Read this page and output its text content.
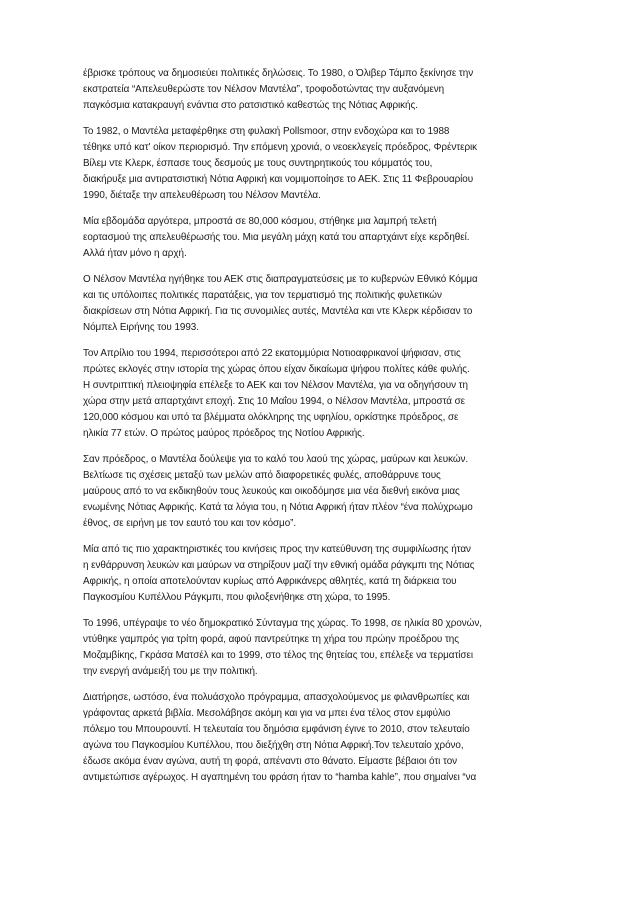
έβρισκε τρόπους να δημοσιεύει πολιτικές δηλώσεις. Το 1980, ο Όλιβερ Τάμπο ξεκίνησε την
εκστρατεία “Απελευθερώστε τον Νέλσον Μαντέλα”, τροφοδοτώντας την αυξανόμενη
παγκόσμια κατακραυγή ενάντια στο ρατσιστικό καθεστώς της Νότιας Αφρικής.

Το 1982, ο Μαντέλα μεταφέρθηκε στη φυλακή Pollsmoor, στην ενδοχώρα και το 1988
τέθηκε υπό κατ' οίκον περιορισμό. Την επόμενη χρονιά, ο νεοεκλεγείς πρόεδρος, Φρέντερικ
Βίλεμ ντε Κλερκ, έσπασε τους δεσμούς με τους συντηρητικούς του κόμματός του,
διακήρυξε μια αντιρατσιστική Νότια Αφρική και νομιμοποίησε το ΑΕΚ. Στις 11 Φεβρουαρίου
1990, διέταξε την απελευθέρωση του Νέλσον Μαντέλα.

Μία εβδομάδα αργότερα, μπροστά σε 80,000 κόσμου, στήθηκε μια λαμπρή τελετή
εορτασμού της απελευθέρωσής του. Μια μεγάλη μάχη κατά του απαρτχάιντ είχε κερδηθεί.
Αλλά ήταν μόνο η αρχή.

Ο Νέλσον Μαντέλα ηγήθηκε του ΑΕΚ στις διαπραγματεύσεις με το κυβερνών Εθνικό Κόμμα
και τις υπόλοιπες πολιτικές παρατάξεις, για τον τερματισμό της πολιτικής φυλετικών
διακρίσεων στη Νότια Αφρική. Για τις συνομιλίες αυτές, Μαντέλα και ντε Κλερκ κέρδισαν το
Νόμπελ Ειρήνης του 1993.

Τον Απρίλιο του 1994, περισσότεροι από 22 εκατομμύρια Νοτιοαφρικανοί ψήφισαν, στις
πρώτες εκλογές στην ιστορία της χώρας όπου είχαν δικαίωμα ψήφου πολίτες κάθε φυλής.
Η συντριπτική πλειοψηφία επέλεξε το ΑΕΚ και τον Νέλσον Μαντέλα, για να οδηγήσουν τη
χώρα στην μετά απαρτχάιντ εποχή. Στις 10 Μαΐου 1994, ο Νέλσον Μαντέλα, μπροστά σε
120,000 κόσμου και υπό τα βλέμματα ολόκληρης της υφηλίου, ορκίστηκε πρόεδρος, σε
ηλικία 77 ετών. Ο πρώτος μαύρος πρόεδρος της Νοτίου Αφρικής.

Σαν πρόεδρος, ο Μαντέλα δούλεψε για το καλό του λαού της χώρας, μαύρων και λευκών.
Βελτίωσε τις σχέσεις μεταξύ των μελών από διαφορετικές φυλές, αποθάρρυνε τους
μαύρους από το να εκδικηθούν τους λευκούς και οικοδόμησε μια νέα διεθνή εικόνα μιας
ενωμένης Νότιας Αφρικής. Κατά τα λόγια του, η Νότια Αφρική ήταν πλέον “ένα πολύχρωμο
έθνος, σε ειρήνη με τον εαυτό του και τον κόσμο”.

Μία από τις πιο χαρακτηριστικές του κινήσεις προς την κατεύθυνση της συμφιλίωσης ήταν
η ενθάρρυνση λευκών και μαύρων να στηρίξουν μαζί την εθνική ομάδα ράγκμπι της Νότιας
Αφρικής, η οποία αποτελούνταν κυρίως από Αφρικάνερς αθλητές, κατά τη διάρκεια του
Παγκοσμίου Κυπέλλου Ράγκμπι, που φιλοξενήθηκε στη χώρα, το 1995.

Το 1996, υπέγραψε το νέο δημοκρατικό Σύνταγμα της χώρας. Το 1998, σε ηλικία 80 χρονών,
ντύθηκε γαμπρός για τρίτη φορά, αφού παντρεύτηκε τη χήρα του πρώην προέδρου της
Μοζαμβίκης, Γκράσα Ματσέλ και το 1999, στο τέλος της θητείας του, επέλεξε να τερματίσει
την ενεργή ανάμειξή του με την πολιτική.

Διατήρησε, ωστόσο, ένα πολυάσχολο πρόγραμμα, απασχολούμενος με φιλανθρωπίες και
γράφοντας αρκετά βιβλία. Μεσολάβησε ακόμη και για να μπει ένα τέλος στον εμφύλιο
πόλεμο του Μπουρουντί. Η τελευταία του δημόσια εμφάνιση έγινε το 2010, στον τελευταίο
αγώνα του Παγκοσμίου Κυπέλλου, που διεξήχθη στη Νότια Αφρική.Τον τελευταίο χρόνο,
έδωσε ακόμα έναν αγώνα, αυτή τη φορά, απέναντι στο θάνατο. Είμαστε βέβαιοι ότι τον
αντιμετώπισε αγέρωχος. Η αγαπημένη του φράση ήταν το “hamba kahle”, που σημαίνει “να
